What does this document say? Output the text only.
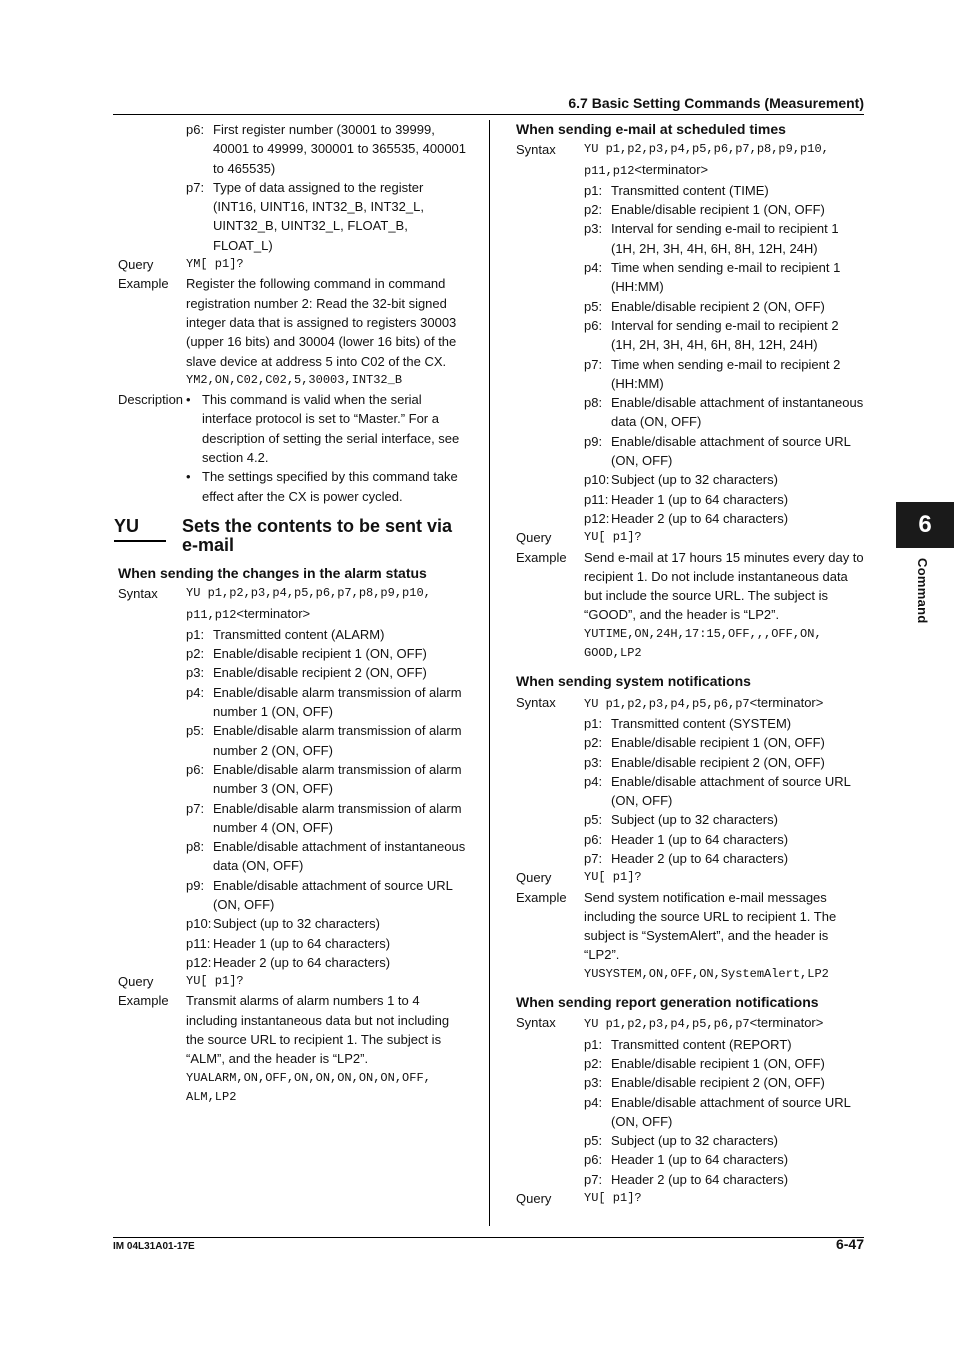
6.7 Basic Setting Commands (Measurement)
6
Command
p6: First register number (30001 to 39999, 40001 to 49999, 300001 to 365535, 400001 to 465535)
p7: Type of data assigned to the register (INT16, UINT16, INT32_B, INT32_L, UINT32_B, UINT32_L, FLOAT_B, FLOAT_L)
Query	YM[ p1]?
Example	Register the following command in command registration number 2: Read the 32-bit signed integer data that is assigned to registers 30003 (upper 16 bits) and 30004 (lower 16 bits) of the slave device at address 5 into C02 of the CX.
YM2,ON,C02,C02,5,30003,INT32_B
Description • This command is valid when the serial interface protocol is set to “Master.” For a description of setting the serial interface, see section 4.2.
• The settings specified by this command take effect after the CX is power cycled.
YU	Sets the contents to be sent via e-mail
When sending the changes in the alarm status
Syntax	YU p1,p2,p3,p4,p5,p6,p7,p8,p9,p10,
p11,p12<terminator>
p1: Transmitted content (ALARM)
p2: Enable/disable recipient 1 (ON, OFF)
p3: Enable/disable recipient 2 (ON, OFF)
p4: Enable/disable alarm transmission of alarm number 1 (ON, OFF)
p5: Enable/disable alarm transmission of alarm number 2 (ON, OFF)
p6: Enable/disable alarm transmission of alarm number 3 (ON, OFF)
p7: Enable/disable alarm transmission of alarm number 4 (ON, OFF)
p8: Enable/disable attachment of instantaneous data (ON, OFF)
p9: Enable/disable attachment of source URL (ON, OFF)
p10: Subject (up to 32 characters)
p11: Header 1 (up to 64 characters)
p12: Header 2 (up to 64 characters)
Query	YU[ p1]?
Example	Transmit alarms of alarm numbers 1 to 4 including instantaneous data but not including the source URL to recipient 1. The subject is “ALM”, and the header is “LP2”.
YUALARM,ON,OFF,ON,ON,ON,ON,ON,OFF, ALM,LP2
When sending e-mail at scheduled times
Syntax	YU p1,p2,p3,p4,p5,p6,p7,p8,p9,p10,
p11,p12<terminator>
p1: Transmitted content (TIME)
p2: Enable/disable recipient 1 (ON, OFF)
p3: Interval for sending e-mail to recipient 1 (1H, 2H, 3H, 4H, 6H, 8H, 12H, 24H)
p4: Time when sending e-mail to recipient 1 (HH:MM)
p5: Enable/disable recipient 2 (ON, OFF)
p6: Interval for sending e-mail to recipient 2 (1H, 2H, 3H, 4H, 6H, 8H, 12H, 24H)
p7: Time when sending e-mail to recipient 2 (HH:MM)
p8: Enable/disable attachment of instantaneous data (ON, OFF)
p9: Enable/disable attachment of source URL (ON, OFF)
p10: Subject (up to 32 characters)
p11: Header 1 (up to 64 characters)
p12: Header 2 (up to 64 characters)
Query	YU[ p1]?
Example	Send e-mail at 17 hours 15 minutes every day to recipient 1. Do not include instantaneous data but include the source URL. The subject is “GOOD”, and the header is “LP2”.
YUTIME,ON,24H,17:15,OFF,,,OFF,ON, GOOD,LP2
When sending system notifications
Syntax	YU p1,p2,p3,p4,p5,p6,p7<terminator>
p1: Transmitted content (SYSTEM)
p2: Enable/disable recipient 1 (ON, OFF)
p3: Enable/disable recipient 2 (ON, OFF)
p4: Enable/disable attachment of source URL (ON, OFF)
p5: Subject (up to 32 characters)
p6: Header 1 (up to 64 characters)
p7: Header 2 (up to 64 characters)
Query	YU[ p1]?
Example	Send system notification e-mail messages including the source URL to recipient 1. The subject is “SystemAlert”, and the header is “LP2”.
YUSYSTEM,ON,OFF,ON,SystemAlert,LP2
When sending report generation notifications
Syntax	YU p1,p2,p3,p4,p5,p6,p7<terminator>
p1: Transmitted content (REPORT)
p2: Enable/disable recipient 1 (ON, OFF)
p3: Enable/disable recipient 2 (ON, OFF)
p4: Enable/disable attachment of source URL (ON, OFF)
p5: Subject (up to 32 characters)
p6: Header 1 (up to 64 characters)
p7: Header 2 (up to 64 characters)
Query	YU[ p1]?
IM 04L31A01-17E	6-47
